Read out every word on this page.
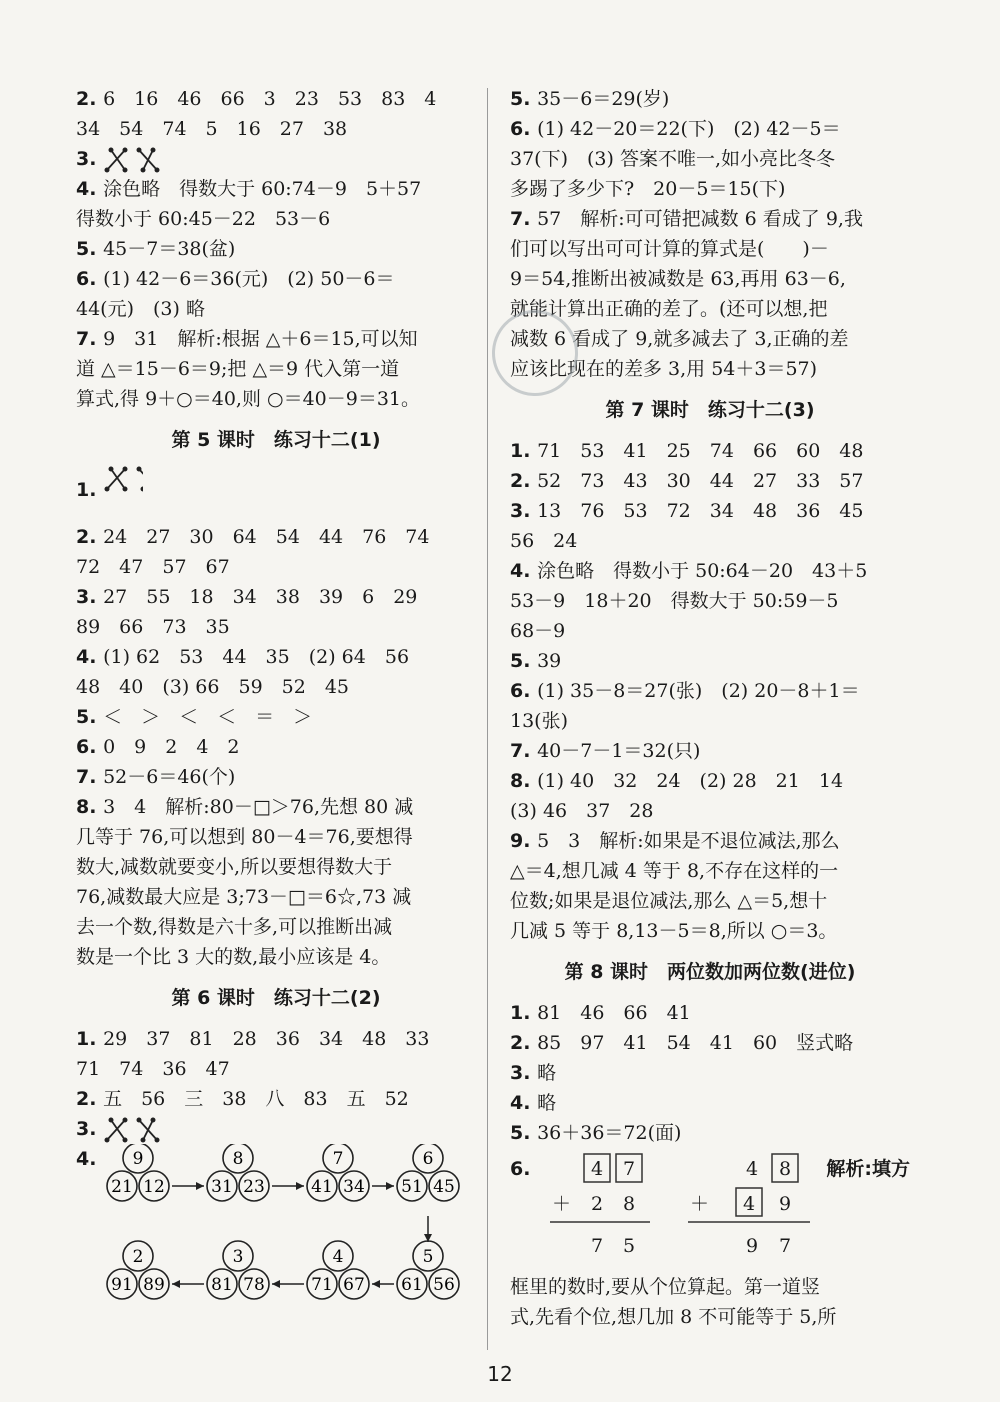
2. 6　16　46　66　3　23　53　83　4
34　54　74　5　16　27　38
3.
4. 涂色略　得数大于 60:74－9　5＋57
得数小于 60:45－22　53－6
5. 45－7＝38(盆)
6. (1) 42－6＝36(元)　(2) 50－6＝
44(元)　(3) 略
7. 9　31　解析:根据 △＋6＝15,可以知
道 △＝15－6＝9;把 △＝9 代入第一道
算式,得 9＋○＝40,则 ○＝40－9＝31。
第 5 课时　练习十二(1)
1.
2. 24　27　30　64　54　44　76　74
72　47　57　67
3. 27　55　18　34　38　39　6　29
89　66　73　35
4. (1) 62　53　44　35　(2) 64　56
48　40　(3) 66　59　52　45
5. ＜　＞　＜　＜　＝　＞
6. 0　9　2　4　2
7. 52－6＝46(个)
8. 3　4　解析:80－□＞76,先想 80 减
几等于 76,可以想到 80－4＝76,要想得
数大,减数就要变小,所以要想得数大于
76,减数最大应是 3;73－□＝6☆,73 减
去一个数,得数是六十多,可以推断出减
数是一个比 3 大的数,最小应该是 4。
第 6 课时　练习十二(2)
1. 29　37　81　28　36　34　48　33
71　74　36　47
2. 五　56　三　38　八　83　五　52
3.
4. 9
21 12
8
31 23
7
41 34
6
51 45
2
91 89
3
81 78
4
71 67
5
61 56
5. 35－6＝29(岁)
6. (1) 42－20＝22(下)　(2) 42－5＝
37(下)　(3) 答案不唯一,如小亮比冬冬
多踢了多少下?　20－5＝15(下)
7. 57　解析:可可错把减数 6 看成了 9,我
们可以写出可可计算的算式是(　　)－
9＝54,推断出被减数是 63,再用 63－6,
就能计算出正确的差了。(还可以想,把
减数 6 看成了 9,就多减去了 3,正确的差
应该比现在的差多 3,用 54＋3＝57)
第 7 课时　练习十二(3)
1. 71　53　41　25　74　66　60　48
2. 52　73　43　30　44　27　33　57
3. 13　76　53　72　34　48　36　45
56　24
4. 涂色略　得数小于 50:64－20　43＋5
53－9　18＋20　得数大于 50:59－5
68－9
5. 39
6. (1) 35－8＝27(张)　(2) 20－8＋1＝
13(张)
7. 40－7－1＝32(只)
8. (1) 40　32　24　(2) 28　21　14
(3) 46　37　28
9. 5　3　解析:如果是不退位减法,那么
△＝4,想几减 4 等于 8,不存在这样的一
位数;如果是退位减法,那么 △＝5,想十
几减 5 等于 8,13－5＝8,所以 ○＝3。
第 8 课时　两位数加两位数(进位)
1. 81　46　66　41
2. 85　97　41　54　41　60　竖式略
3. 略
4. 略
5. 36＋36＝72(面)
6.	解析:填方
4 7
＋ 2 8
7 5
4 8
＋ 4 9
9 7
框里的数时,要从个位算起。第一道竖
式,先看个位,想几加 8 不可能等于 5,所
12
